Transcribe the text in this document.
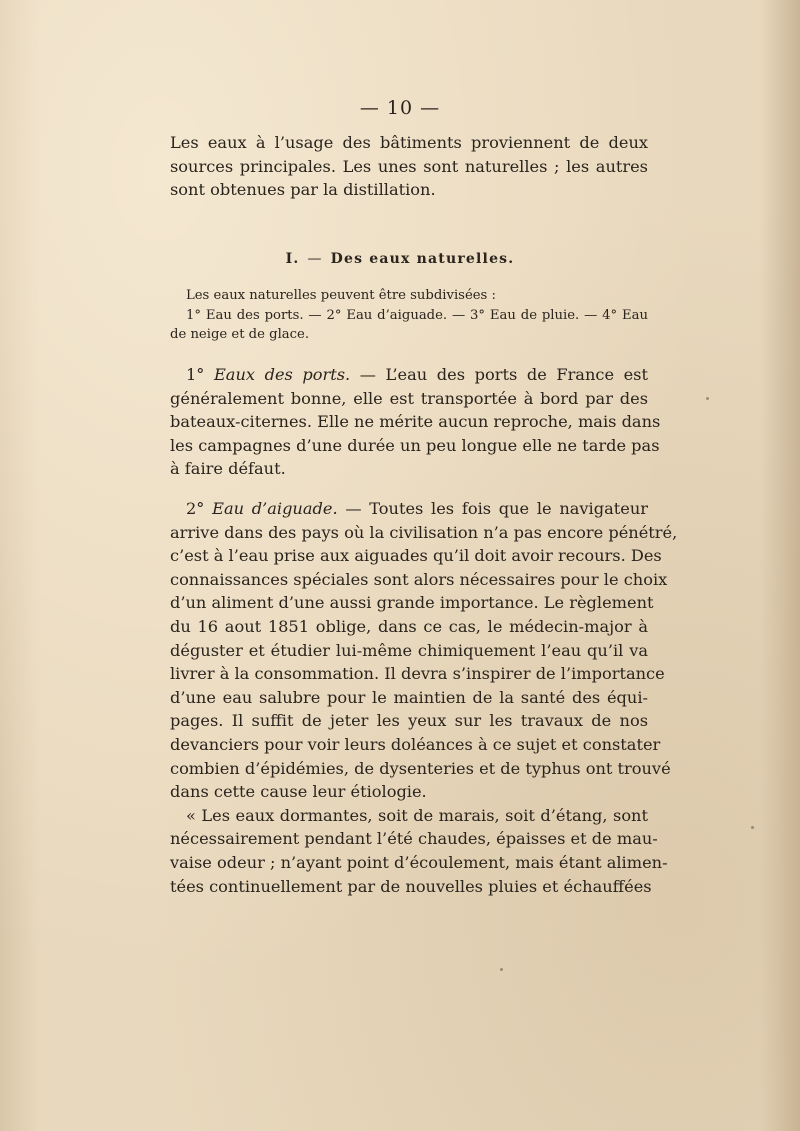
— 10 —
Les eaux à l’usage des bâtiments proviennent de deux
sources principales. Les unes sont naturelles ; les autres
sont obtenues par la distillation.
I. — Des eaux naturelles.
Les eaux naturelles peuvent être subdivisées :
1° Eau des ports. — 2° Eau d’aiguade. — 3° Eau de pluie. — 4° Eau
de neige et de glace.
1° Eaux des ports. — L’eau des ports de France est
généralement bonne, elle est transportée à bord par des
bateaux-citernes. Elle ne mérite aucun reproche, mais dans
les campagnes d’une durée un peu longue elle ne tarde pas
à faire défaut.
2° Eau d’aiguade. — Toutes les fois que le navigateur
arrive dans des pays où la civilisation n’a pas encore pénétré,
c’est à l’eau prise aux aiguades qu’il doit avoir recours. Des
connaissances spéciales sont alors nécessaires pour le choix
d’un aliment d’une aussi grande importance. Le règlement
du 16 aout 1851 oblige, dans ce cas, le médecin-major à
déguster et étudier lui-même chimiquement l’eau qu’il va
livrer à la consommation. Il devra s’inspirer de l’importance
d’une eau salubre pour le maintien de la santé des équi-
pages. Il suffit de jeter les yeux sur les travaux de nos
devanciers pour voir leurs doléances à ce sujet et constater
combien d’épidémies, de dysenteries et de typhus ont trouvé
dans cette cause leur étiologie.
« Les eaux dormantes, soit de marais, soit d’étang, sont
nécessairement pendant l’été chaudes, épaisses et de mau-
vaise odeur ; n’ayant point d’écoulement, mais étant alimen-
tées continuellement par de nouvelles pluies et échauffées
